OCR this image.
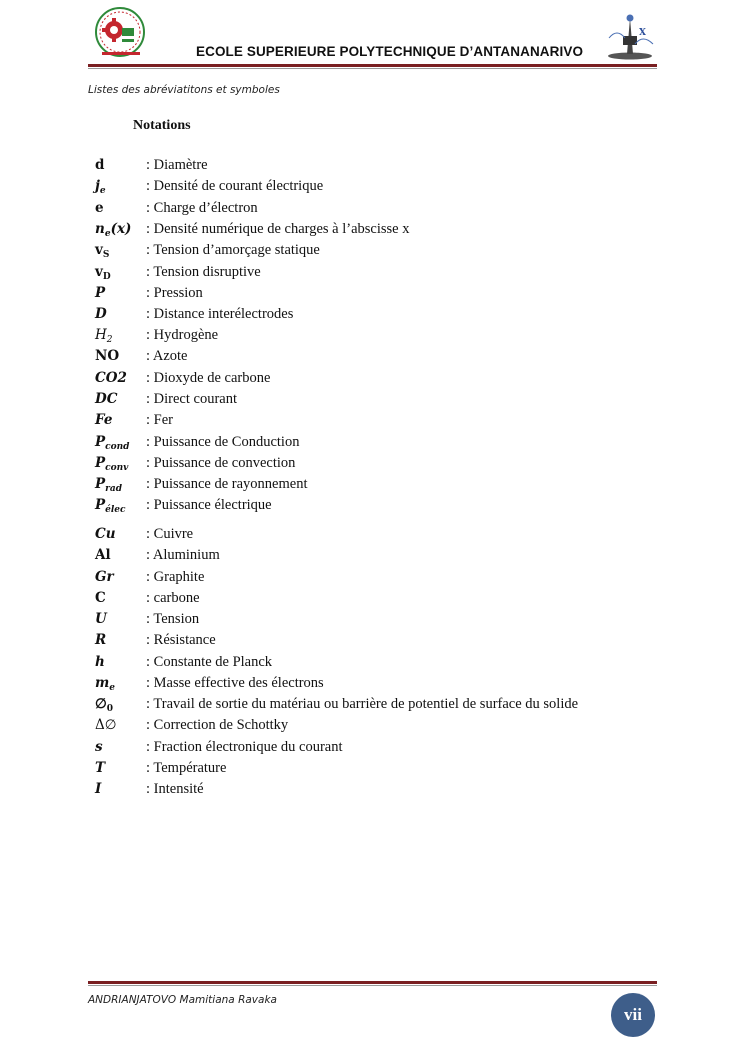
X
ECOLE SUPERIEURE POLYTECHNIQUE D’ANTANANARIVO
Listes des abréviatitons et symboles
Notations
d	: Diamètre
$j_e$	: Densité de courant électrique
e	: Charge d’électron
$n_e(x)$ : Densité numérique de charges à l’abscisse x
$v_S$	: Tension d’amorçage statique
$v_D$ : Tension disruptive
P	: Pression
D	: Distance interélectrodes
$H_2$ : Hydrogène
NO : Azote
CO2 : Dioxyde de carbone
DC : Direct courant
Fe : Fer
$P_{cond}$ : Puissance de Conduction
$P_{conv}$ : Puissance de convection
$P_{rad}$ : Puissance de rayonnement
$P_{élec}$ : Puissance électrique
Cu : Cuivre
Al : Aluminium
Gr : Graphite
C	: carbone
U	: Tension
R	: Résistance
h	: Constante de Planck
$m_e$ : Masse effective des électrons
$\emptyset_0$ : Travail de sortie du matériau ou barrière de potentiel de surface du solide
Δ∅ : Correction de Schottky
s	: Fraction électronique du courant
T	: Température
I	: Intensité
ANDRIANJATOVO Mamitiana Ravaka
vii
